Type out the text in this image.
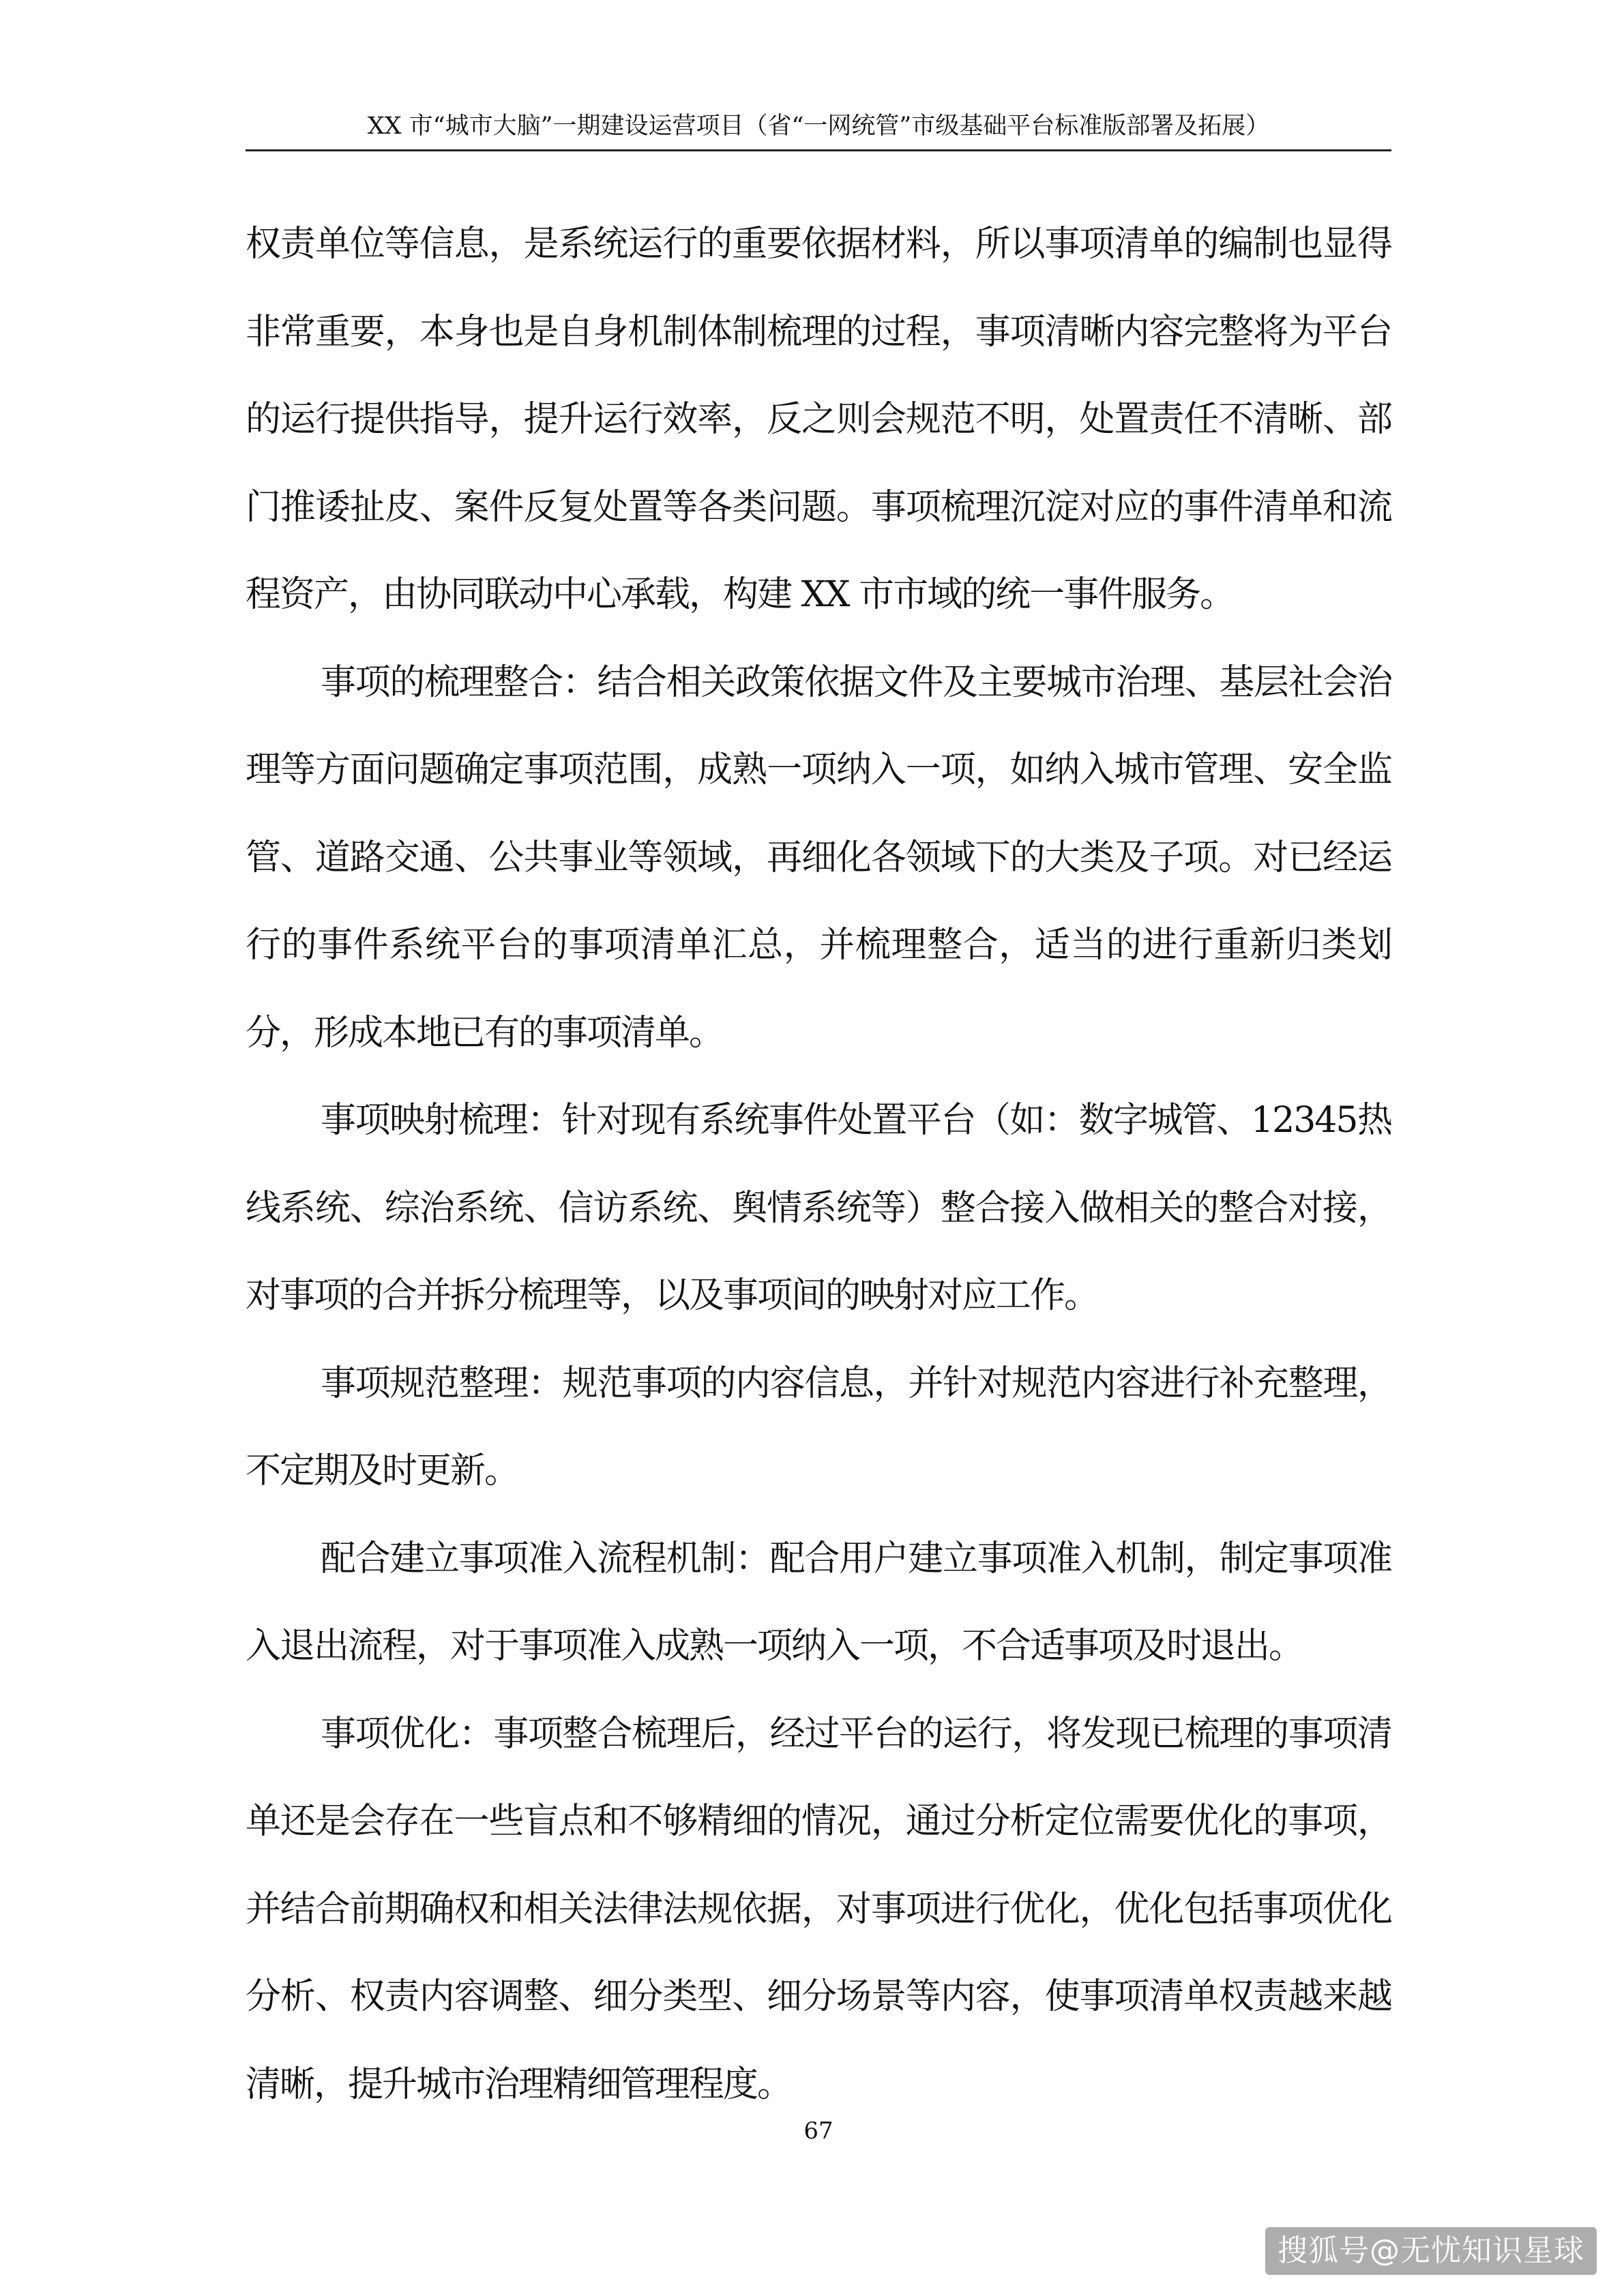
XX 市“城市大脑”一期建设运营项目（省“一网统管”市级基础平台标准版部署及拓展）

权责单位等信息，是系统运行的重要依据材料，所以事项清单的编制也显得非常重要，本身也是自身机制体制梳理的过程，事项清晰内容完整将为平台的运行提供指导，提升运行效率，反之则会规范不明，处置责任不清晰、部门推诿扯皮、案件反复处置等各类问题。事项梳理沉淀对应的事件清单和流程资产，由协同联动中心承载，构建 XX 市市域的统一事件服务。

事项的梳理整合：结合相关政策依据文件及主要城市治理、基层社会治理等方面问题确定事项范围，成熟一项纳入一项，如纳入城市管理、安全监管、道路交通、公共事业等领域，再细化各领域下的大类及子项。对已经运行的事件系统平台的事项清单汇总，并梳理整合，适当的进行重新归类划分，形成本地已有的事项清单。

事项映射梳理：针对现有系统事件处置平台（如：数字城管、12345热线系统、综治系统、信访系统、舆情系统等）整合接入做相关的整合对接，对事项的合并拆分梳理等，以及事项间的映射对应工作。

事项规范整理：规范事项的内容信息，并针对规范内容进行补充整理，不定期及时更新。

配合建立事项准入流程机制：配合用户建立事项准入机制，制定事项准入退出流程，对于事项准入成熟一项纳入一项，不合适事项及时退出。

事项优化：事项整合梳理后，经过平台的运行，将发现已梳理的事项清单还是会存在一些盲点和不够精细的情况，通过分析定位需要优化的事项，并结合前期确权和相关法律法规依据，对事项进行优化，优化包括事项优化分析、权责内容调整、细分类型、细分场景等内容，使事项清单权责越来越清晰，提升城市治理精细管理程度。

67
搜狐号@无忧知识星球
